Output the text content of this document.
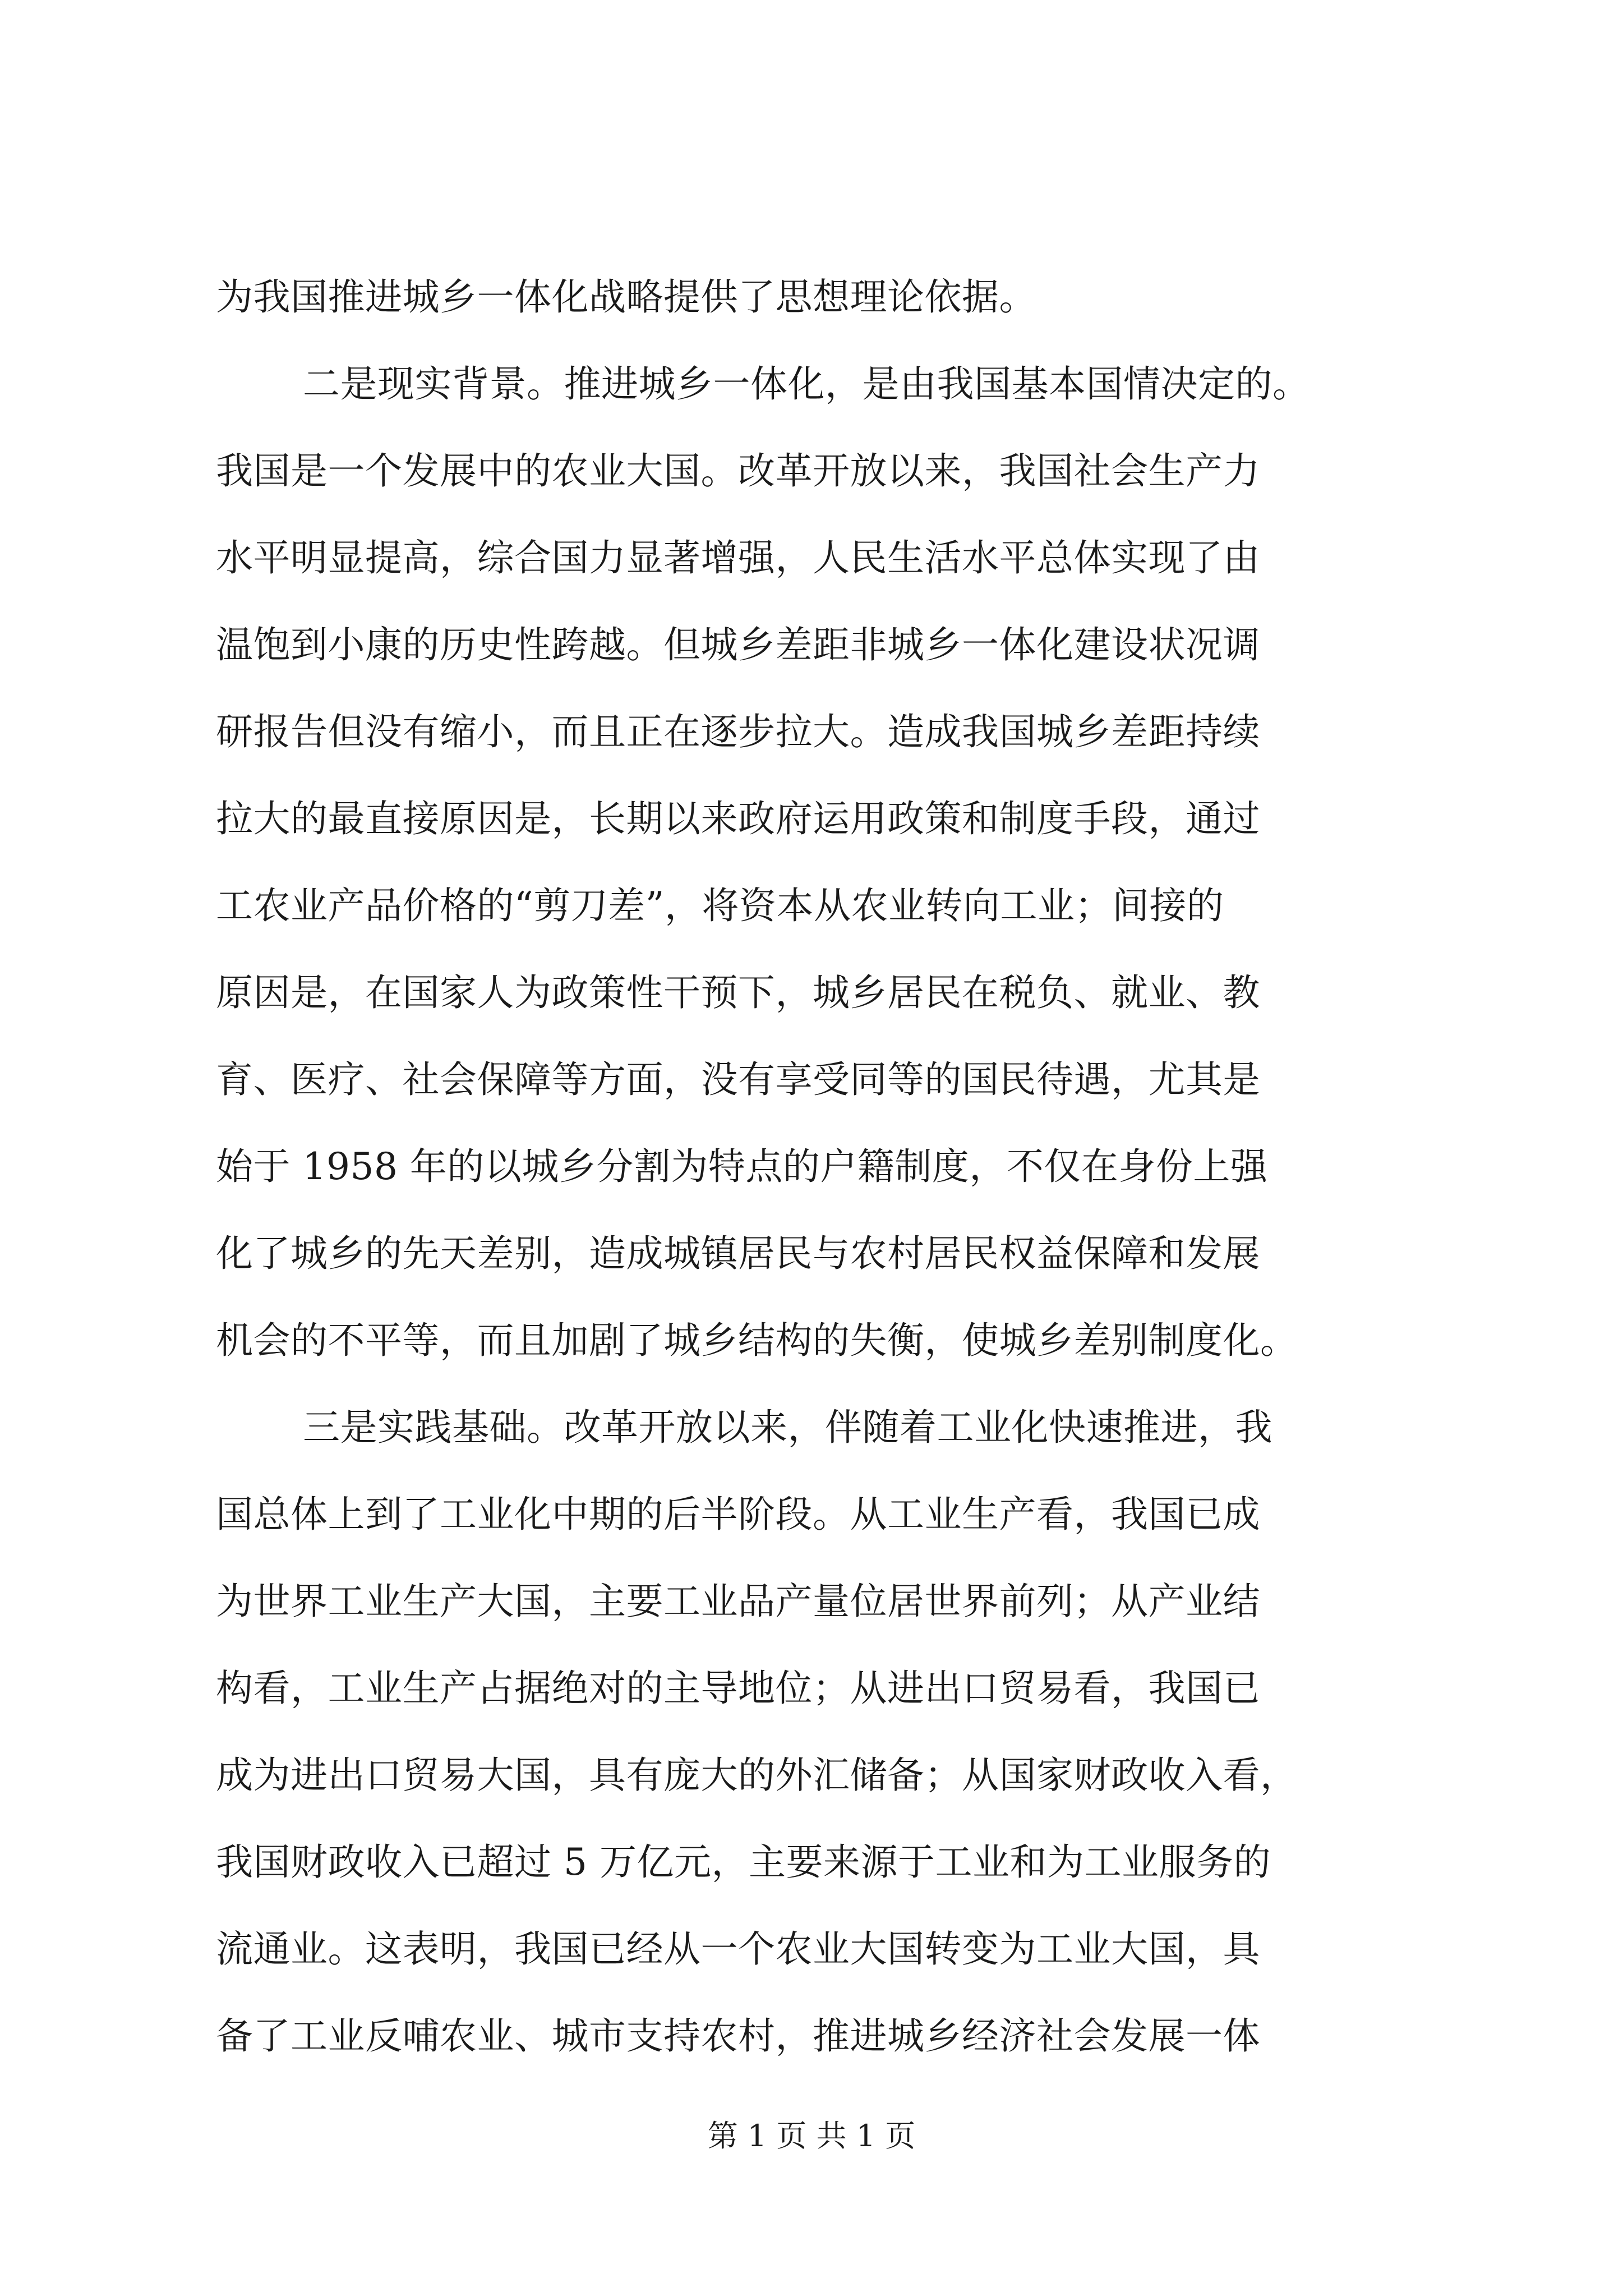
为我国推进城乡一体化战略提供了思想理论依据。
二是现实背景。推进城乡一体化，是由我国基本国情决定的。
我国是一个发展中的农业大国。改革开放以来，我国社会生产力
水平明显提高，综合国力显著增强，人民生活水平总体实现了由
温饱到小康的历史性跨越。但城乡差距非城乡一体化建设状况调
研报告但没有缩小，而且正在逐步拉大。造成我国城乡差距持续
拉大的最直接原因是，长期以来政府运用政策和制度手段，通过
工农业产品价格的“剪刀差”，将资本从农业转向工业；间接的
原因是，在国家人为政策性干预下，城乡居民在税负、就业、教
育、医疗、社会保障等方面，没有享受同等的国民待遇，尤其是
始于 1958 年的以城乡分割为特点的户籍制度，不仅在身份上强
化了城乡的先天差别，造成城镇居民与农村居民权益保障和发展
机会的不平等，而且加剧了城乡结构的失衡，使城乡差别制度化。
三是实践基础。改革开放以来，伴随着工业化快速推进，我
国总体上到了工业化中期的后半阶段。从工业生产看，我国已成
为世界工业生产大国，主要工业品产量位居世界前列；从产业结
构看，工业生产占据绝对的主导地位；从进出口贸易看，我国已
成为进出口贸易大国，具有庞大的外汇储备；从国家财政收入看，
我国财政收入已超过 5 万亿元，主要来源于工业和为工业服务的
流通业。这表明，我国已经从一个农业大国转变为工业大国，具
备了工业反哺农业、城市支持农村，推进城乡经济社会发展一体
第 1 页 共 1 页
